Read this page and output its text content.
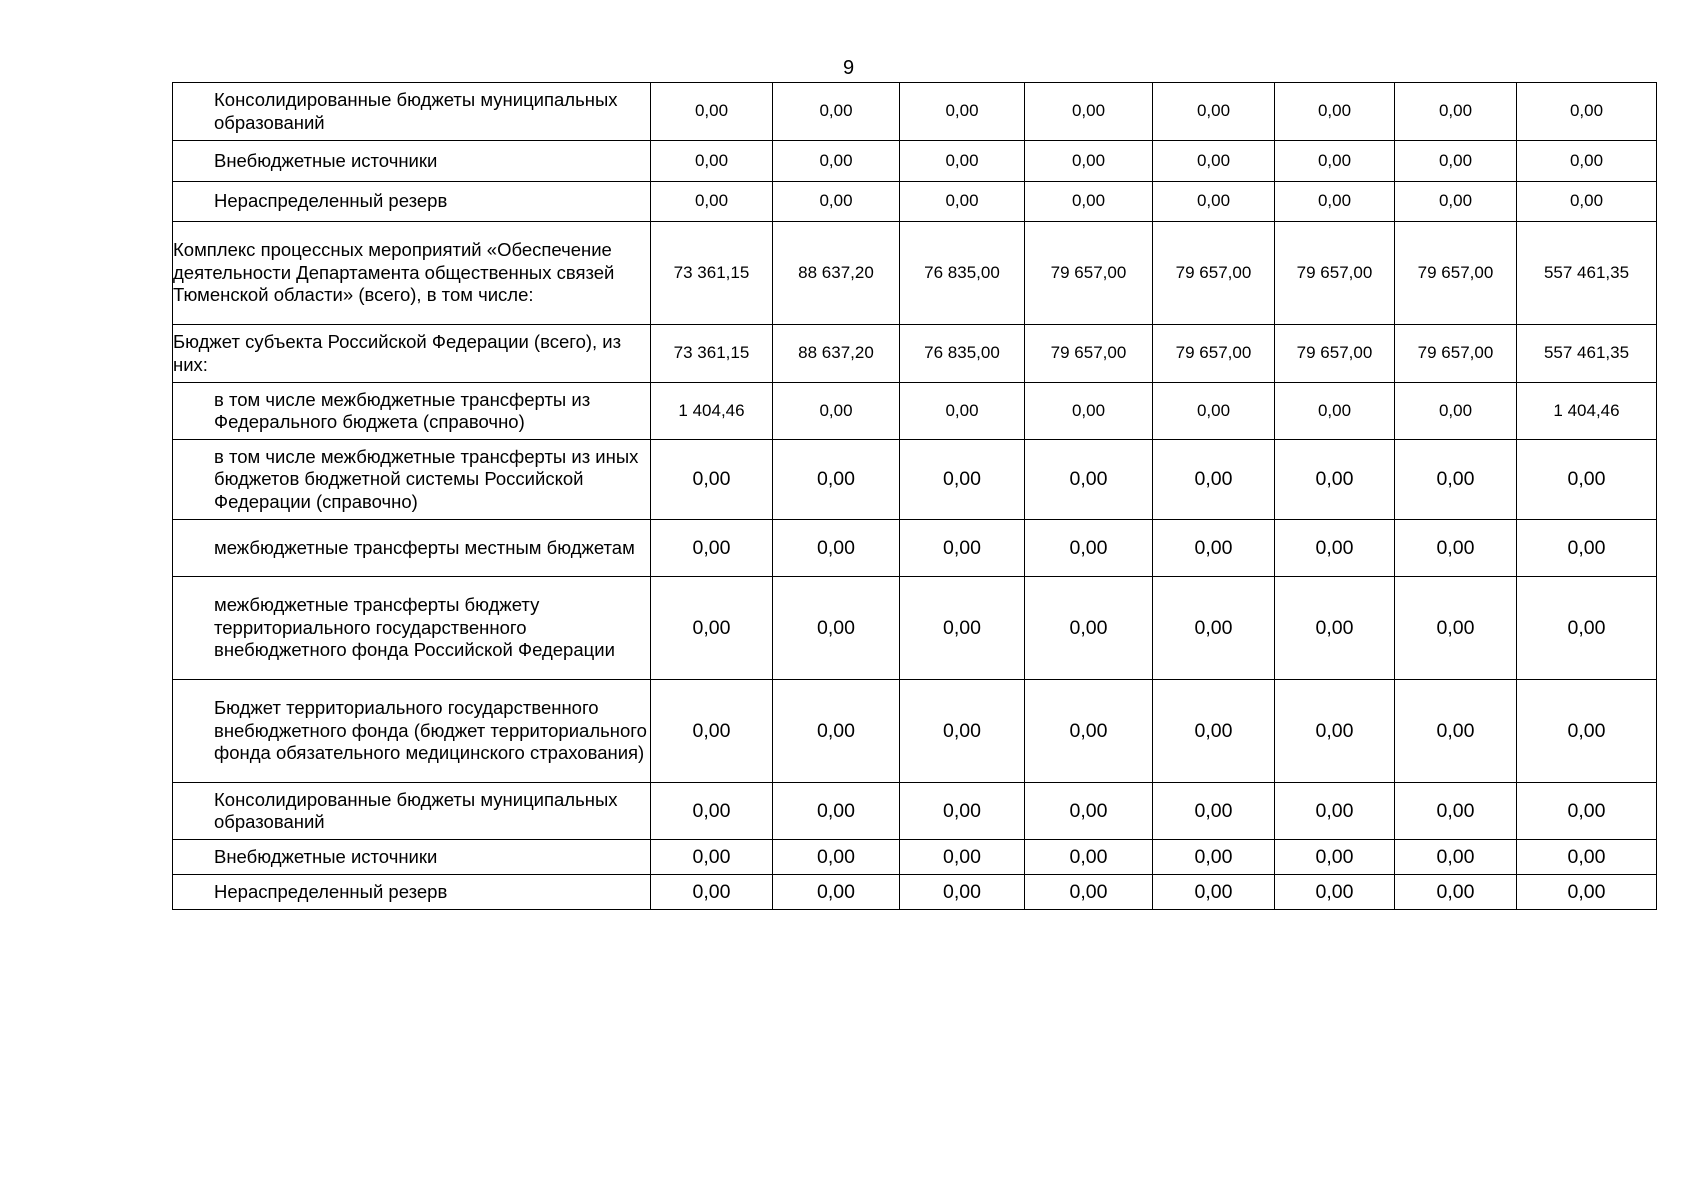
9
Консолидированные бюджеты муниципальных образований	0,00	0,00	0,00	0,00	0,00	0,00	0,00	0,00
Внебюджетные источники	0,00	0,00	0,00	0,00	0,00	0,00	0,00	0,00
Нераспределенный резерв	0,00	0,00	0,00	0,00	0,00	0,00	0,00	0,00
Комплекс процессных мероприятий «Обеспечение деятельности Департамента общественных связей Тюменской области» (всего), в том числе:	73 361,15	88 637,20	76 835,00	79 657,00	79 657,00	79 657,00	79 657,00	557 461,35
Бюджет субъекта Российской Федерации (всего), из них:	73 361,15	88 637,20	76 835,00	79 657,00	79 657,00	79 657,00	79 657,00	557 461,35
в том числе межбюджетные трансферты из Федерального бюджета (справочно)	1 404,46	0,00	0,00	0,00	0,00	0,00	0,00	1 404,46
в том числе межбюджетные трансферты из иных бюджетов бюджетной системы Российской Федерации (справочно)	0,00	0,00	0,00	0,00	0,00	0,00	0,00	0,00
межбюджетные трансферты местным бюджетам	0,00	0,00	0,00	0,00	0,00	0,00	0,00	0,00
межбюджетные трансферты бюджету территориального государственного внебюджетного фонда Российской Федерации	0,00	0,00	0,00	0,00	0,00	0,00	0,00	0,00
Бюджет территориального государственного внебюджетного фонда (бюджет территориального фонда обязательного медицинского страхования)	0,00	0,00	0,00	0,00	0,00	0,00	0,00	0,00
Консолидированные бюджеты муниципальных образований	0,00	0,00	0,00	0,00	0,00	0,00	0,00	0,00
Внебюджетные источники	0,00	0,00	0,00	0,00	0,00	0,00	0,00	0,00
Нераспределенный резерв	0,00	0,00	0,00	0,00	0,00	0,00	0,00	0,00
